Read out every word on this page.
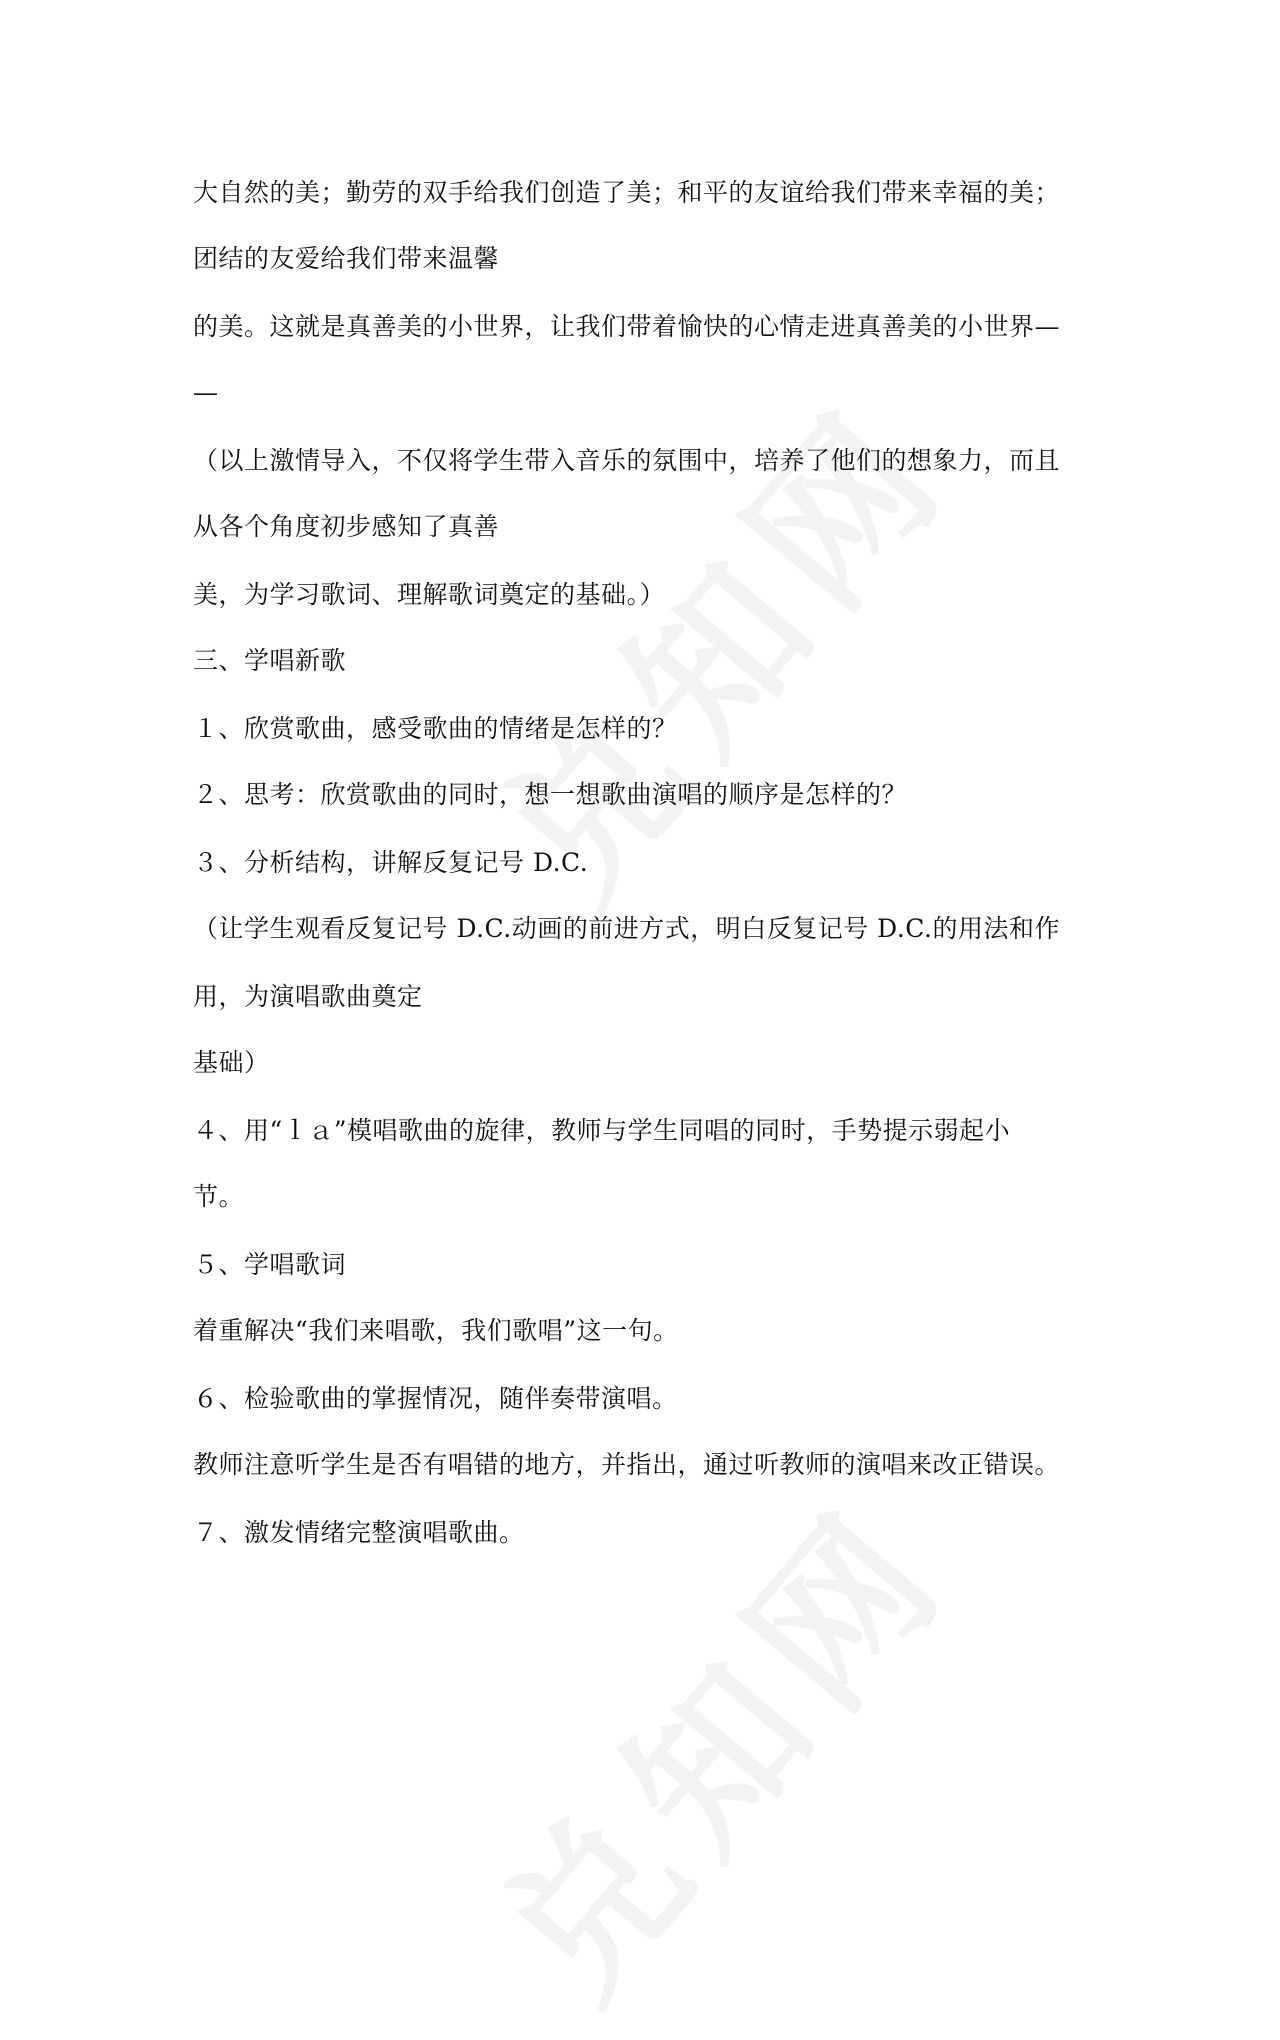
大自然的美；勤劳的双手给我们创造了美；和平的友谊给我们带来幸福的美；
团结的友爱给我们带来温馨
的美。这就是真善美的小世界，让我们带着愉快的心情走进真善美的小世界—
—
（以上激情导入，不仅将学生带入音乐的氛围中，培养了他们的想象力，而且
从各个角度初步感知了真善
美，为学习歌词、理解歌词奠定的基础。）
三、学唱新歌
１、欣赏歌曲，感受歌曲的情绪是怎样的？
２、思考：欣赏歌曲的同时，想一想歌曲演唱的顺序是怎样的？
３、分析结构，讲解反复记号 D.C.
（让学生观看反复记号 D.C.动画的前进方式，明白反复记号 D.C.的用法和作
用，为演唱歌曲奠定
基础）
４、用“ｌａ”模唱歌曲的旋律，教师与学生同唱的同时，手势提示弱起小
节。
５、学唱歌词
着重解决“我们来唱歌，我们歌唱”这一句。
６、检验歌曲的掌握情况，随伴奏带演唱。
教师注意听学生是否有唱错的地方，并指出，通过听教师的演唱来改正错误。
７、激发情绪完整演唱歌曲。
